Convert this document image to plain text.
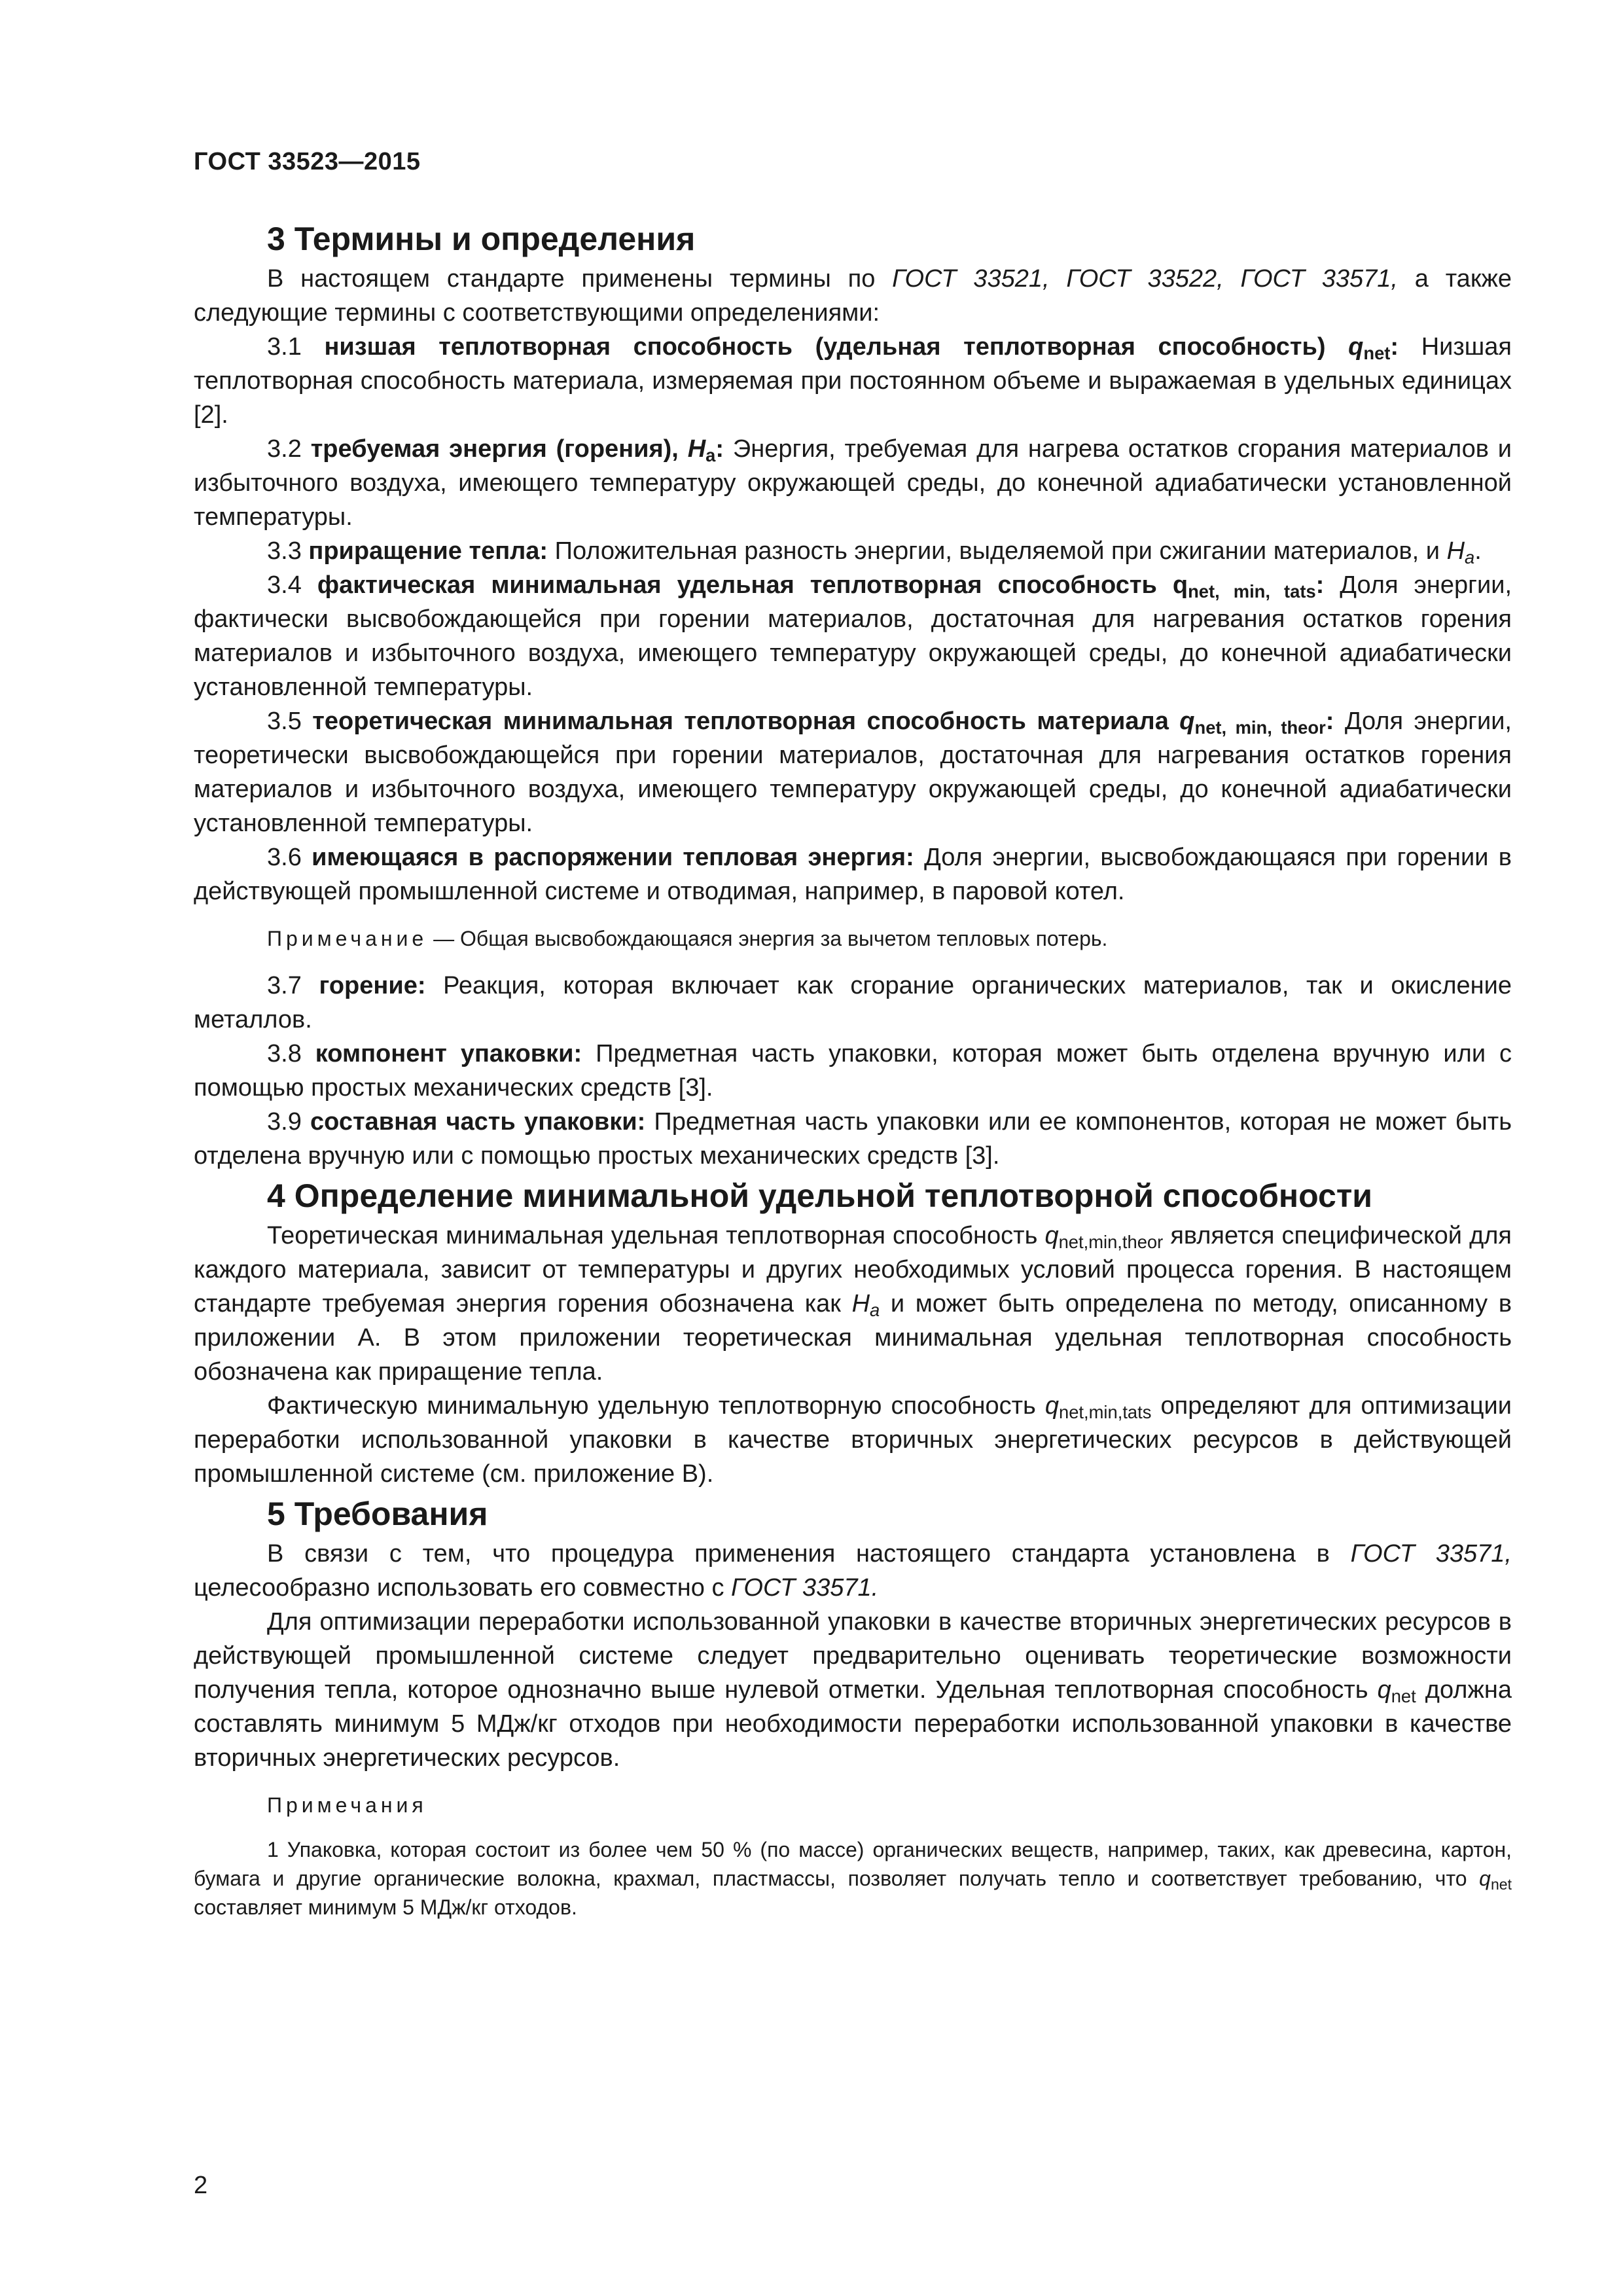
ГОСТ 33523—2015
3 Термины и определения

В настоящем стандарте применены термины по ГОСТ 33521, ГОСТ 33522, ГОСТ 33571, а также следующие термины с соответствующими определениями:

3.1 низшая теплотворная способность (удельная теплотворная способность) $q_{net}$: Низшая теплотворная способность материала, измеряемая при постоянном объеме и выражаемая в удельных единицах [2].

3.2 требуемая энергия (горения), $H_a$: Энергия, требуемая для нагрева остатков сгорания материалов и избыточного воздуха, имеющего температуру окружающей среды, до конечной адиабатически установленной температуры.

3.3 приращение тепла: Положительная разность энергии, выделяемой при сжигании материалов, и $H_a$.

3.4 фактическая минимальная удельная теплотворная способность $q_{net, min, tats}$: Доля энергии, фактически высвобождающейся при горении материалов, достаточная для нагревания остатков горения материалов и избыточного воздуха, имеющего температуру окружающей среды, до конечной адиабатически установленной температуры.

3.5 теоретическая минимальная теплотворная способность материала $q_{net, min, theor}$: Доля энергии, теоретически высвобождающейся при горении материалов, достаточная для нагревания остатков горения материалов и избыточного воздуха, имеющего температуру окружающей среды, до конечной адиабатически установленной температуры.

3.6 имеющаяся в распоряжении тепловая энергия: Доля энергии, высвобождающаяся при горении в действующей промышленной системе и отводимая, например, в паровой котел.

Примечание — Общая высвобождающаяся энергия за вычетом тепловых потерь.

3.7 горение: Реакция, которая включает как сгорание органических материалов, так и окисление металлов.

3.8 компонент упаковки: Предметная часть упаковки, которая может быть отделена вручную или с помощью простых механических средств [3].

3.9 составная часть упаковки: Предметная часть упаковки или ее компонентов, которая не может быть отделена вручную или с помощью простых механических средств [3].

4 Определение минимальной удельной теплотворной способности

Теоретическая минимальная удельная теплотворная способность $q_{net,min,theor}$ является специфической для каждого материала, зависит от температуры и других необходимых условий процесса горения. В настоящем стандарте требуемая энергия горения обозначена как $H_a$ и может быть определена по методу, описанному в приложении А. В этом приложении теоретическая минимальная удельная теплотворная способность обозначена как приращение тепла.

Фактическую минимальную удельную теплотворную способность $q_{net,min,tats}$ определяют для оптимизации переработки использованной упаковки в качестве вторичных энергетических ресурсов в действующей промышленной системе (см. приложение В).

5 Требования

В связи с тем, что процедура применения настоящего стандарта установлена в ГОСТ 33571, целесообразно использовать его совместно с ГОСТ 33571.

Для оптимизации переработки использованной упаковки в качестве вторичных энергетических ресурсов в действующей промышленной системе следует предварительно оценивать теоретические возможности получения тепла, которое однозначно выше нулевой отметки. Удельная теплотворная способность $q_{net}$ должна составлять минимум 5 МДж/кг отходов при необходимости переработки использованной упаковки в качестве вторичных энергетических ресурсов.

Примечания

1 Упаковка, которая состоит из более чем 50 % (по массе) органических веществ, например, таких, как древесина, картон, бумага и другие органические волокна, крахмал, пластмассы, позволяет получать тепло и соответствует требованию, что $q_{net}$ составляет минимум 5 МДж/кг отходов.

2
